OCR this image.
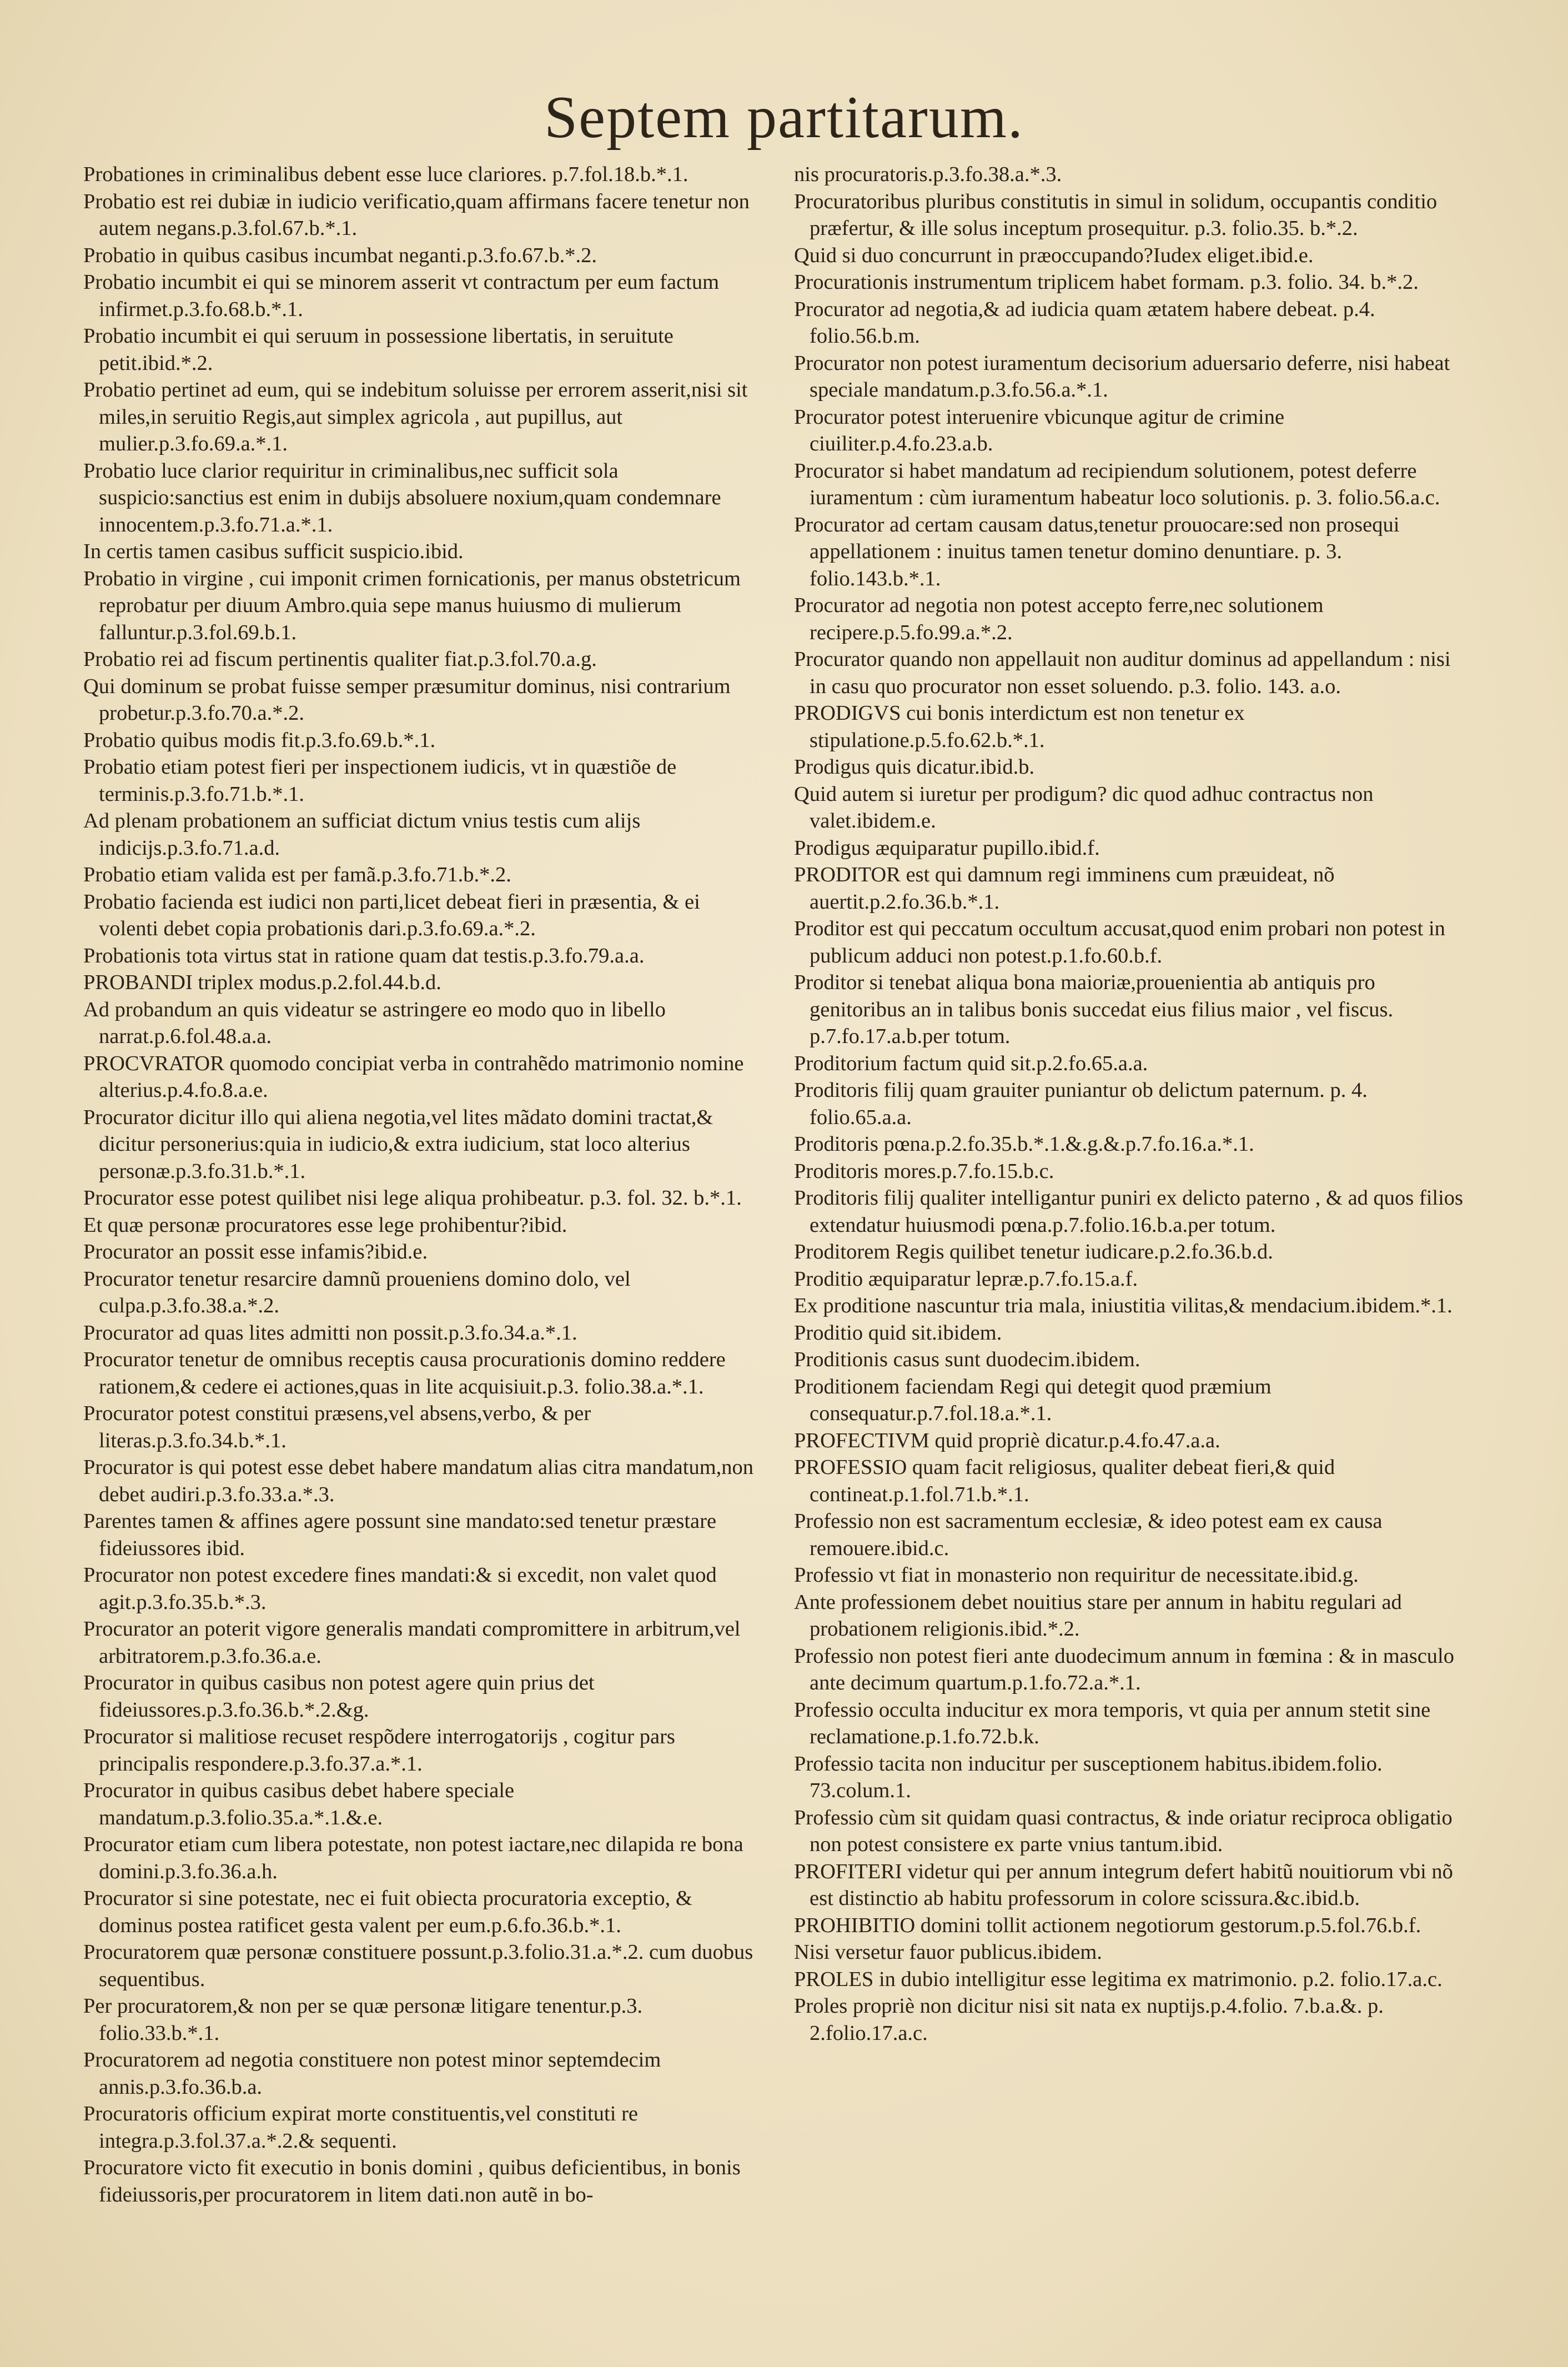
Septem partitarum.

Probationes in criminalibus debent esse luce clariores. p.7.fol.18.b.*.1.

Probatio est rei dubiæ in iudicio verificatio,quam affirmans facere tenetur non autem negans.p.3.fol.67.b.*.1.

Probatio in quibus casibus incumbat neganti.p.3.fo.67.b.*.2.

Probatio incumbit ei qui se minorem asserit vt contractum per eum factum infirmet.p.3.fo.68.b.*.1.

Probatio incumbit ei qui seruum in possessione libertatis, in seruitute petit.ibid.*.2.

Probatio pertinet ad eum, qui se indebitum soluisse per errorem asserit,nisi sit miles,in seruitio Regis,aut simplex agricola , aut pupillus, aut mulier.p.3.fo.69.a.*.1.

Probatio luce clarior requiritur in criminalibus,nec sufficit sola suspicio:sanctius est enim in dubijs absoluere noxium,quam condemnare innocentem.p.3.fo.71.a.*.1.

In certis tamen casibus sufficit suspicio.ibid.

Probatio in virgine , cui imponit crimen fornicationis, per manus obstetricum reprobatur per diuum Ambro.quia sepe manus huiusmo di mulierum falluntur.p.3.fol.69.b.1.

Probatio rei ad fiscum pertinentis qualiter fiat.p.3.fol.70.a.g.

Qui dominum se probat fuisse semper præsumitur dominus, nisi contrarium probetur.p.3.fo.70.a.*.2.

Probatio quibus modis fit.p.3.fo.69.b.*.1.

Probatio etiam potest fieri per inspectionem iudicis, vt in quæstiõe de terminis.p.3.fo.71.b.*.1.

Ad plenam probationem an sufficiat dictum vnius testis cum alijs indicijs.p.3.fo.71.a.d.

Probatio etiam valida est per famã.p.3.fo.71.b.*.2.

Probatio facienda est iudici non parti,licet debeat fieri in præsentia, & ei volenti debet copia probationis dari.p.3.fo.69.a.*.2.

Probationis tota virtus stat in ratione quam dat testis.p.3.fo.79.a.a.

PROBANDI triplex modus.p.2.fol.44.b.d.

Ad probandum an quis videatur se astringere eo modo quo in libello narrat.p.6.fol.48.a.a.

PROCVRATOR quomodo concipiat verba in contrahẽdo matrimonio nomine alterius.p.4.fo.8.a.e.

Procurator dicitur illo qui aliena negotia,vel lites mãdato domini tractat,& dicitur personerius:quia in iudicio,& extra iudicium, stat loco alterius personæ.p.3.fo.31.b.*.1.

Procurator esse potest quilibet nisi lege aliqua prohibeatur. p.3. fol. 32. b.*.1.

Et quæ personæ procuratores esse lege prohibentur?ibid.

Procurator an possit esse infamis?ibid.e.

Procurator tenetur resarcire damnũ proueniens domino dolo, vel culpa.p.3.fo.38.a.*.2.

Procurator ad quas lites admitti non possit.p.3.fo.34.a.*.1.

Procurator tenetur de omnibus receptis causa procurationis domino reddere rationem,& cedere ei actiones,quas in lite acquisiuit.p.3. folio.38.a.*.1.

Procurator potest constitui præsens,vel absens,verbo, & per literas.p.3.fo.34.b.*.1.

Procurator is qui potest esse debet habere mandatum alias citra mandatum,non debet audiri.p.3.fo.33.a.*.3.

Parentes tamen & affines agere possunt sine mandato:sed tenetur præstare fideiussores ibid.

Procurator non potest excedere fines mandati:& si excedit, non valet quod agit.p.3.fo.35.b.*.3.

Procurator an poterit vigore generalis mandati compromittere in arbitrum,vel arbitratorem.p.3.fo.36.a.e.

Procurator in quibus casibus non potest agere quin prius det fideiussores.p.3.fo.36.b.*.2.&g.

Procurator si malitiose recuset respõdere interrogatorijs , cogitur pars principalis respondere.p.3.fo.37.a.*.1.

Procurator in quibus casibus debet habere speciale mandatum.p.3.folio.35.a.*.1.&.e.

Procurator etiam cum libera potestate, non potest iactare,nec dilapida re bona domini.p.3.fo.36.a.h.

Procurator si sine potestate, nec ei fuit obiecta procuratoria exceptio, & dominus postea ratificet gesta valent per eum.p.6.fo.36.b.*.1.

Procuratorem quæ personæ constituere possunt.p.3.folio.31.a.*.2. cum duobus sequentibus.

Per procuratorem,& non per se quæ personæ litigare tenentur.p.3. folio.33.b.*.1.

Procuratorem ad negotia constituere non potest minor septemdecim annis.p.3.fo.36.b.a.

Procuratoris officium expirat morte constituentis,vel constituti re integra.p.3.fol.37.a.*.2.& sequenti.

Procuratore victo fit executio in bonis domini , quibus deficientibus, in bonis fideiussoris,per procuratorem in litem dati.non autẽ in bo-

nis procuratoris.p.3.fo.38.a.*.3.

Procuratoribus pluribus constitutis in simul in solidum, occupantis conditio præfertur, & ille solus inceptum prosequitur. p.3. folio.35. b.*.2.

Quid si duo concurrunt in præoccupando?Iudex eliget.ibid.e.

Procurationis instrumentum triplicem habet formam. p.3. folio. 34. b.*.2.

Procurator ad negotia,& ad iudicia quam ætatem habere debeat. p.4. folio.56.b.m.

Procurator non potest iuramentum decisorium aduersario deferre, nisi habeat speciale mandatum.p.3.fo.56.a.*.1.

Procurator potest interuenire vbicunque agitur de crimine ciuiliter.p.4.fo.23.a.b.

Procurator si habet mandatum ad recipiendum solutionem, potest deferre iuramentum : cùm iuramentum habeatur loco solutionis. p. 3. folio.56.a.c.

Procurator ad certam causam datus,tenetur prouocare:sed non prosequi appellationem : inuitus tamen tenetur domino denuntiare. p. 3. folio.143.b.*.1.

Procurator ad negotia non potest accepto ferre,nec solutionem recipere.p.5.fo.99.a.*.2.

Procurator quando non appellauit non auditur dominus ad appellandum : nisi in casu quo procurator non esset soluendo. p.3. folio. 143. a.o.

PRODIGVS cui bonis interdictum est non tenetur ex stipulatione.p.5.fo.62.b.*.1.

Prodigus quis dicatur.ibid.b.

Quid autem si iuretur per prodigum? dic quod adhuc contractus non valet.ibidem.e.

Prodigus æquiparatur pupillo.ibid.f.

PRODITOR est qui damnum regi imminens cum præuideat, nõ auertit.p.2.fo.36.b.*.1.

Proditor est qui peccatum occultum accusat,quod enim probari non potest in publicum adduci non potest.p.1.fo.60.b.f.

Proditor si tenebat aliqua bona maioriæ,prouenientia ab antiquis pro genitoribus an in talibus bonis succedat eius filius maior , vel fiscus. p.7.fo.17.a.b.per totum.

Proditorium factum quid sit.p.2.fo.65.a.a.

Proditoris filij quam grauiter puniantur ob delictum paternum. p. 4. folio.65.a.a.

Proditoris pœna.p.2.fo.35.b.*.1.&.g.&.p.7.fo.16.a.*.1.

Proditoris mores.p.7.fo.15.b.c.

Proditoris filij qualiter intelligantur puniri ex delicto paterno , & ad quos filios extendatur huiusmodi pœna.p.7.folio.16.b.a.per totum.

Proditorem Regis quilibet tenetur iudicare.p.2.fo.36.b.d.

Proditio æquiparatur lepræ.p.7.fo.15.a.f.

Ex proditione nascuntur tria mala, iniustitia vilitas,& mendacium.ibidem.*.1.

Proditio quid sit.ibidem.

Proditionis casus sunt duodecim.ibidem.

Proditionem faciendam Regi qui detegit quod præmium consequatur.p.7.fol.18.a.*.1.

PROFECTIVM quid propriè dicatur.p.4.fo.47.a.a.

PROFESSIO quam facit religiosus, qualiter debeat fieri,& quid contineat.p.1.fol.71.b.*.1.

Professio non est sacramentum ecclesiæ, & ideo potest eam ex causa remouere.ibid.c.

Professio vt fiat in monasterio non requiritur de necessitate.ibid.g.

Ante professionem debet nouitius stare per annum in habitu regulari ad probationem religionis.ibid.*.2.

Professio non potest fieri ante duodecimum annum in fœmina : & in masculo ante decimum quartum.p.1.fo.72.a.*.1.

Professio occulta inducitur ex mora temporis, vt quia per annum stetit sine reclamatione.p.1.fo.72.b.k.

Professio tacita non inducitur per susceptionem habitus.ibidem.folio. 73.colum.1.

Professio cùm sit quidam quasi contractus, & inde oriatur reciproca obligatio non potest consistere ex parte vnius tantum.ibid.

PROFITERI videtur qui per annum integrum defert habitũ nouitiorum vbi nõ est distinctio ab habitu professorum in colore scissura.&c.ibid.b.

PROHIBITIO domini tollit actionem negotiorum gestorum.p.5.fol.76.b.f.

Nisi versetur fauor publicus.ibidem.

PROLES in dubio intelligitur esse legitima ex matrimonio. p.2. folio.17.a.c.

Proles propriè non dicitur nisi sit nata ex nuptijs.p.4.folio. 7.b.a.&. p. 2.folio.17.a.c.
